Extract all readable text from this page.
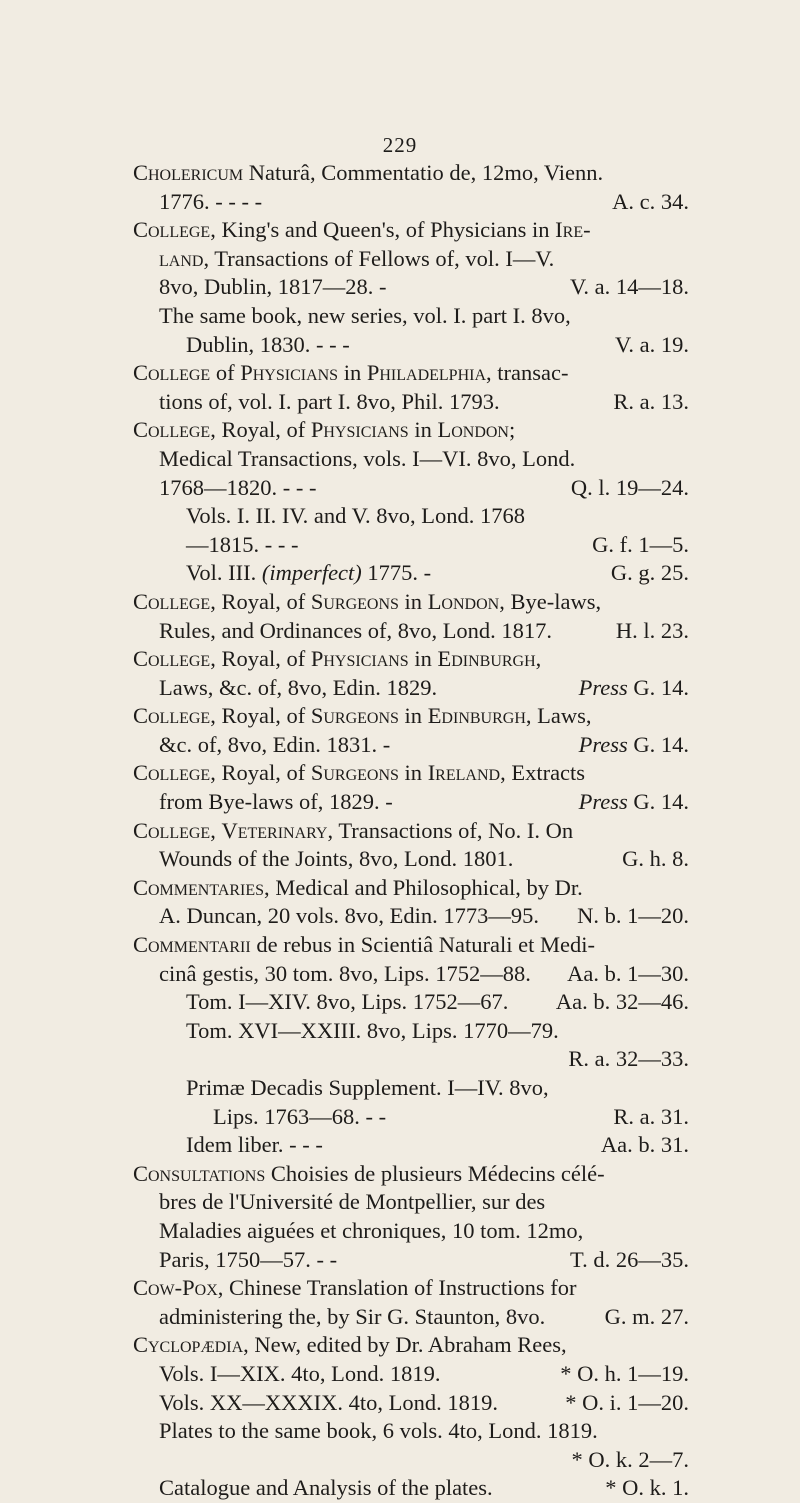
229
Cholericum Naturâ, Commentatio de, 12mo, Vienn.
1776. - - - -	A. c. 34.
College, King's and Queen's, of Physicians in Ire-
land, Transactions of Fellows of, vol. I—V.
8vo, Dublin, 1817—28. -	V. a. 14—18.
The same book, new series, vol. I. part I. 8vo,
Dublin, 1830. - - -	V. a. 19.
College of Physicians in Philadelphia, transac-
tions of, vol. I. part I. 8vo, Phil. 1793.	R. a. 13.
College, Royal, of Physicians in London;
Medical Transactions, vols. I—VI. 8vo, Lond.
1768—1820. - - -	Q. l. 19—24.
Vols. I. II. IV. and V. 8vo, Lond. 1768
—1815. - - -	G. f. 1—5.
Vol. III. (imperfect) 1775. -	G. g. 25.
College, Royal, of Surgeons in London, Bye-laws,
Rules, and Ordinances of, 8vo, Lond. 1817.	H. l. 23.
College, Royal, of Physicians in Edinburgh,
Laws, &c. of, 8vo, Edin. 1829.	Press G. 14.
College, Royal, of Surgeons in Edinburgh, Laws,
&c. of, 8vo, Edin. 1831. -	Press G. 14.
College, Royal, of Surgeons in Ireland, Extracts
from Bye-laws of, 1829. -	Press G. 14.
College, Veterinary, Transactions of, No. I. On
Wounds of the Joints, 8vo, Lond. 1801.	G. h. 8.
Commentaries, Medical and Philosophical, by Dr.
A. Duncan, 20 vols. 8vo, Edin. 1773—95. N. b. 1—20.
Commentarii de rebus in Scientiâ Naturali et Medi-
cinâ gestis, 30 tom. 8vo, Lips. 1752—88. Aa. b. 1—30.
Tom. I—XIV. 8vo, Lips. 1752—67. Aa. b. 32—46.
Tom. XVI—XXIII. 8vo, Lips. 1770—79.
R. a. 32—33.
Primæ Decadis Supplement. I—IV. 8vo,
Lips. 1763—68. - -	R. a. 31.
Idem liber. - - -	Aa. b. 31.
Consultations Choisies de plusieurs Médecins célé-
bres de l'Université de Montpellier, sur des
Maladies aiguées et chroniques, 10 tom. 12mo,
Paris, 1750—57. - -	T. d. 26—35.
Cow-Pox, Chinese Translation of Instructions for
administering the, by Sir G. Staunton, 8vo.	G. m. 27.
Cyclopædia, New, edited by Dr. Abraham Rees,
Vols. I—XIX. 4to, Lond. 1819.	* O. h. 1—19.
Vols. XX—XXXIX. 4to, Lond. 1819.	* O. i. 1—20.
Plates to the same book, 6 vols. 4to, Lond. 1819.
* O. k. 2—7.
Catalogue and Analysis of the plates.	* O. k. 1.
